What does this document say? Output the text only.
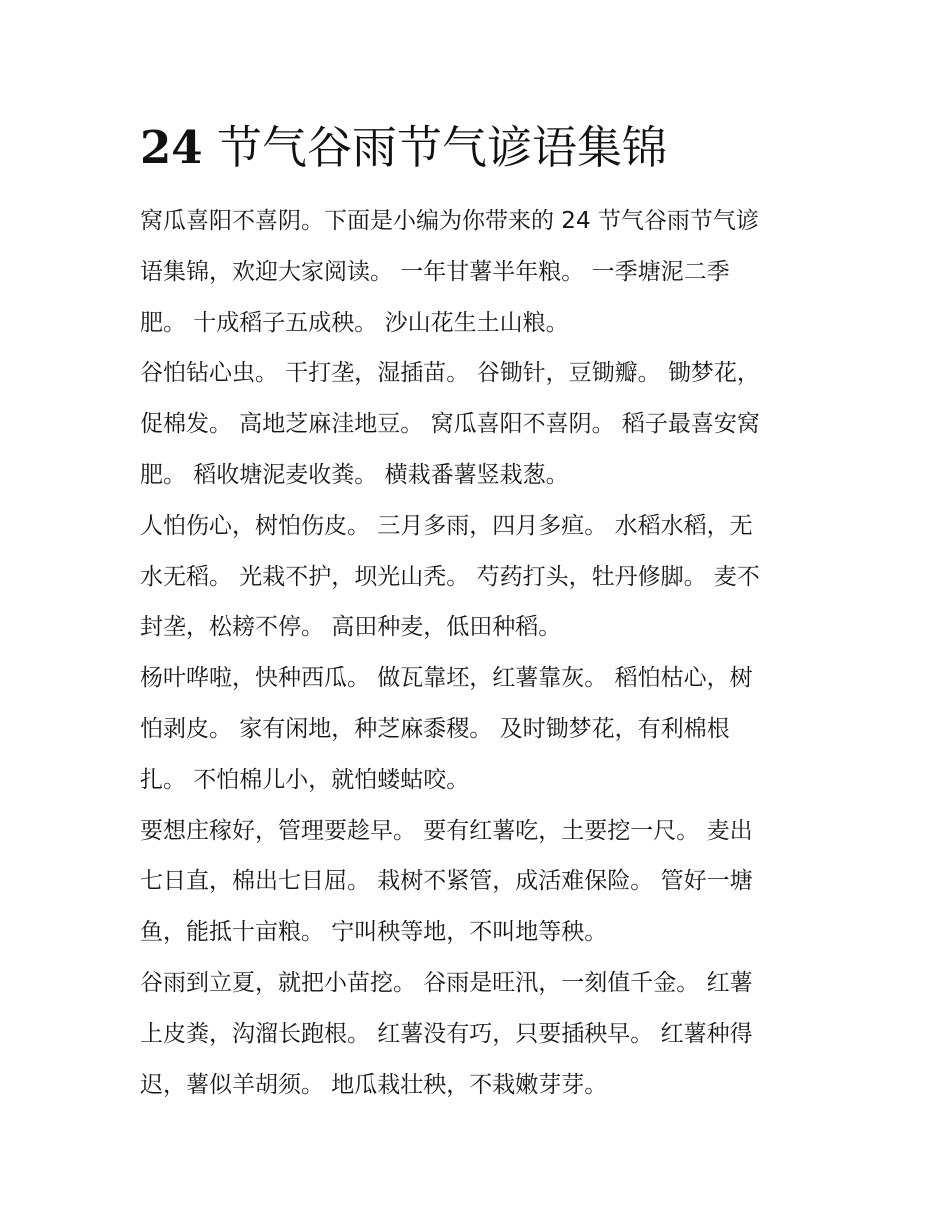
24 节气谷雨节气谚语集锦

窝瓜喜阳不喜阴。下面是小编为你带来的 24 节气谷雨节气谚
语集锦，欢迎大家阅读。 一年甘薯半年粮。 一季塘泥二季
肥。 十成稻子五成秧。 沙山花生土山粮。

谷怕钻心虫。 干打垄，湿插苗。 谷锄针，豆锄瓣。 锄梦花，
促棉发。 高地芝麻洼地豆。 窝瓜喜阳不喜阴。 稻子最喜安窝
肥。 稻收塘泥麦收粪。 横栽番薯竖栽葱。

人怕伤心，树怕伤皮。 三月多雨，四月多疸。 水稻水稻，无
水无稻。 光栽不护，坝光山秃。 芍药打头，牡丹修脚。 麦不
封垄，松耪不停。 高田种麦，低田种稻。

杨叶哗啦，快种西瓜。 做瓦靠坯，红薯靠灰。 稻怕枯心，树
怕剥皮。 家有闲地，种芝麻黍稷。 及时锄梦花，有利棉根
扎。 不怕棉儿小，就怕蝼蛄咬。

要想庄稼好，管理要趁早。 要有红薯吃，土要挖一尺。 麦出
七日直，棉出七日屈。 栽树不紧管，成活难保险。 管好一塘
鱼，能抵十亩粮。 宁叫秧等地，不叫地等秧。

谷雨到立夏，就把小苗挖。 谷雨是旺汛，一刻值千金。 红薯
上皮粪，沟溜长跑根。 红薯没有巧，只要插秧早。 红薯种得
迟，薯似羊胡须。 地瓜栽壮秧，不栽嫩芽芽。
